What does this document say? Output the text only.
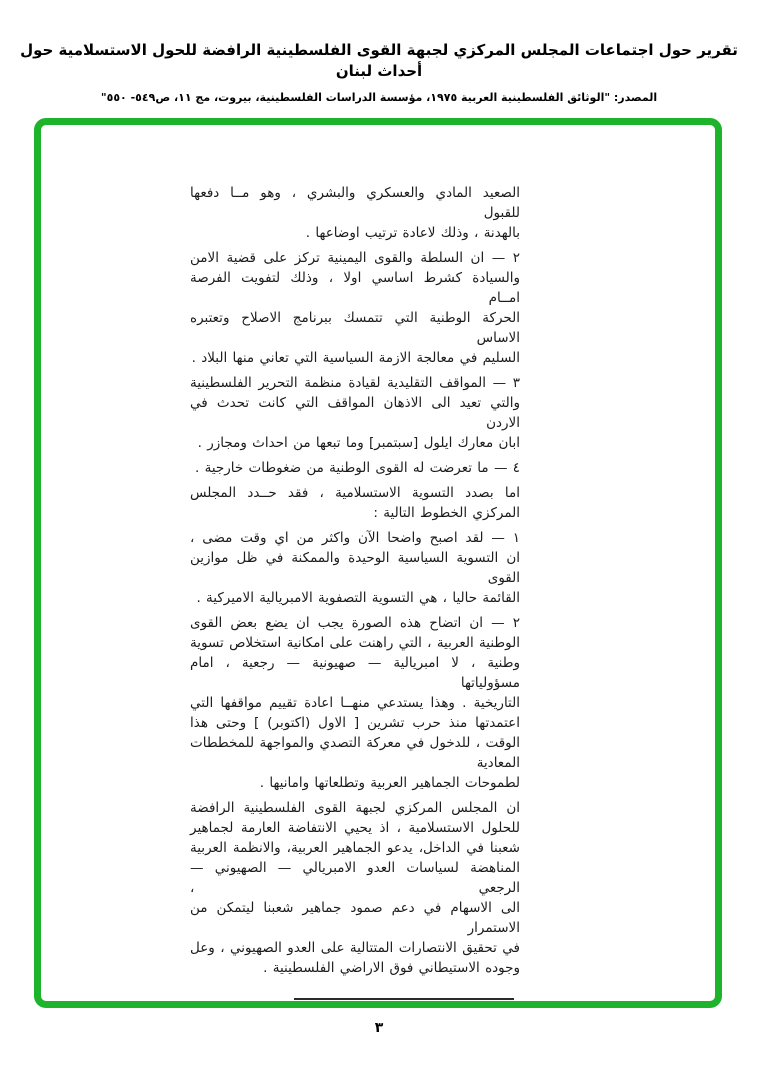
تقرير حول اجتماعات المجلس المركزي لجبهة القوى الفلسطينية الرافضة للحول الاستسلامية حول أحداث لبنان
المصدر: "الوثائق الفلسطينية العربية ١٩٧٥، مؤسسة الدراسات الفلسطينية، بيروت، مج ١١، ص٥٤٩- ٥٥٠"

الصعيد المادي والعسكري والبشري ، وهو مــا دفعها للقبول
بالهدنة ، وذلك لاعادة ترتيب اوضاعها .

٢ — ان السلطة والقوى اليمينية تركز على قضية الامن
والسيادة كشرط اساسي اولا ، وذلك لتفويت الفرصة امــام
الحركة الوطنية التي تتمسك ببرنامج الاصلاح وتعتبره الاساس
السليم في معالجة الازمة السياسية التي تعاني منها البلاد .

٣ — المواقف التقليدية لقيادة منظمة التحرير الفلسطينية
والتي تعيد الى الاذهان المواقف التي كانت تحدث في الاردن
ابان معارك ايلول [سبتمبر] وما تبعها من احداث ومجازر .

٤ — ما تعرضت له القوى الوطنية من ضغوطات خارجية .

اما بصدد التسوية الاستسلامية ، فقد حــدد المجلس
المركزي الخطوط التالية :

١ — لقد اصبح واضحا الآن واكثر من اي وقت مضى ،
ان التسوية السياسية الوحيدة والممكنة في ظل موازين القوى
القائمة حاليا ، هي التسوية التصفوية الامبريالية الاميركية .

٢ — ان اتضاح هذه الصورة يجب ان يضع بعض القوى
الوطنية العربية ، التي راهنت على امكانية استخلاص تسوية
وطنية ، لا امبريالية — صهيونية — رجعية ، امام مسؤولياتها
التاريخية . وهذا يستدعي منهــا اعادة تقييم مواقفها التي
اعتمدتها منذ حرب تشرين [ الاول (اكتوبر) ] وحتى هذا
الوقت ، للدخول في معركة التصدي والمواجهة للمخططات المعادية
لطموحات الجماهير العربية وتطلعاتها وامانيها .

ان المجلس المركزي لجبهة القوى الفلسطينية الرافضة
للحلول الاستسلامية ، اذ يحيي الانتفاضة العارمة لجماهير
شعبنا في الداخل، يدعو الجماهير العربية، والانظمة العربية
المناهضة لسياسات العدو الامبريالي — الصهيوني — الرجعي ،
الى الاسهام في دعم صمود جماهير شعبنا ليتمكن من الاستمرار
في تحقيق الانتصارات المتتالية على العدو الصهيوني ، وعل
وجوده الاستيطاني فوق الاراضي الفلسطينية .

٣
